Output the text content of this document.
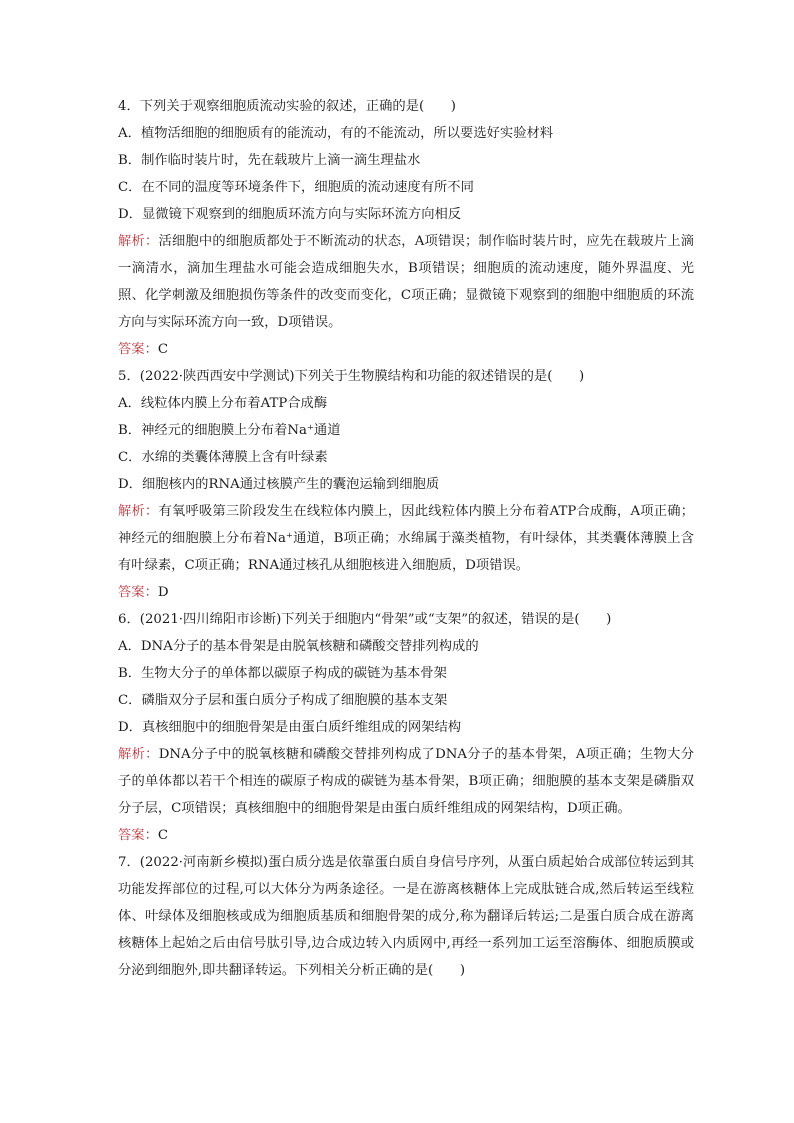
4．下列关于观察细胞质流动实验的叙述，正确的是(　　)
A．植物活细胞的细胞质有的能流动，有的不能流动，所以要选好实验材料
B．制作临时装片时，先在载玻片上滴一滴生理盐水
C．在不同的温度等环境条件下，细胞质的流动速度有所不同
D．显微镜下观察到的细胞质环流方向与实际环流方向相反
解析：活细胞中的细胞质都处于不断流动的状态，A项错误；制作临时装片时，应先在载玻片上滴一滴清水，滴加生理盐水可能会造成细胞失水，B项错误；细胞质的流动速度，随外界温度、光照、化学刺激及细胞损伤等条件的改变而变化，C项正确；显微镜下观察到的细胞中细胞质的环流方向与实际环流方向一致，D项错误。
答案：C
5．(2022·陕西西安中学测试)下列关于生物膜结构和功能的叙述错误的是(　　)
A．线粒体内膜上分布着ATP合成酶
B．神经元的细胞膜上分布着Na⁺通道
C．水绵的类囊体薄膜上含有叶绿素
D．细胞核内的RNA通过核膜产生的囊泡运输到细胞质
解析：有氧呼吸第三阶段发生在线粒体内膜上，因此线粒体内膜上分布着ATP合成酶，A项正确；神经元的细胞膜上分布着Na⁺通道，B项正确；水绵属于藻类植物，有叶绿体，其类囊体薄膜上含有叶绿素，C项正确；RNA通过核孔从细胞核进入细胞质，D项错误。
答案：D
6．(2021·四川绵阳市诊断)下列关于细胞内“骨架”或“支架”的叙述，错误的是(　　)
A．DNA分子的基本骨架是由脱氧核糖和磷酸交替排列构成的
B．生物大分子的单体都以碳原子构成的碳链为基本骨架
C．磷脂双分子层和蛋白质分子构成了细胞膜的基本支架
D．真核细胞中的细胞骨架是由蛋白质纤维组成的网架结构
解析：DNA分子中的脱氧核糖和磷酸交替排列构成了DNA分子的基本骨架，A项正确；生物大分子的单体都以若干个相连的碳原子构成的碳链为基本骨架，B项正确；细胞膜的基本支架是磷脂双分子层，C项错误；真核细胞中的细胞骨架是由蛋白质纤维组成的网架结构，D项正确。
答案：C
7．(2022·河南新乡模拟)蛋白质分选是依靠蛋白质自身信号序列，从蛋白质起始合成部位转运到其功能发挥部位的过程,可以大体分为两条途径。一是在游离核糖体上完成肽链合成,然后转运至线粒体、叶绿体及细胞核或成为细胞质基质和细胞骨架的成分,称为翻译后转运;二是蛋白质合成在游离核糖体上起始之后由信号肽引导,边合成边转入内质网中,再经一系列加工运至溶酶体、细胞质膜或分泌到细胞外,即共翻译转运。下列相关分析正确的是(　　)
